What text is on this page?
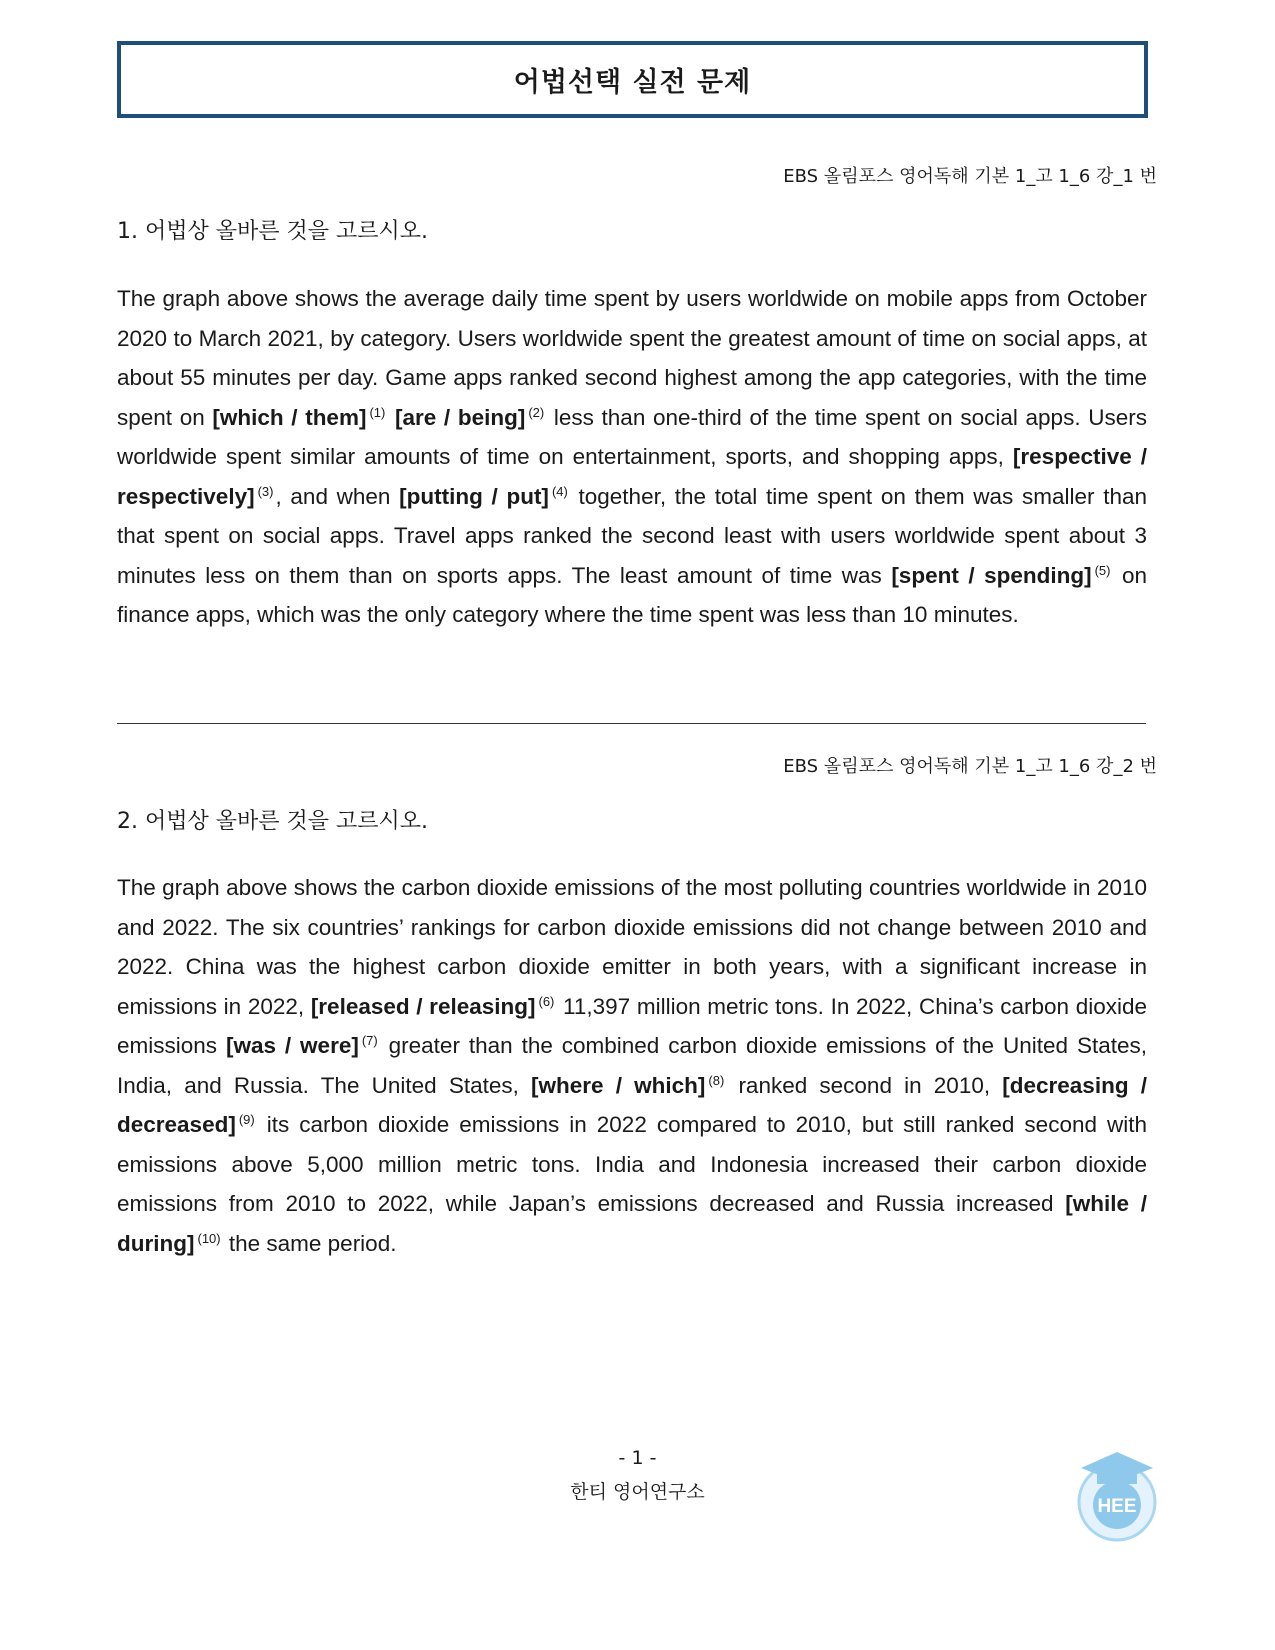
어법선택 실전 문제
EBS 올림포스 영어독해 기본 1_고 1_6 강_1 번
1. 어법상 올바른 것을 고르시오.

The graph above shows the average daily time spent by users worldwide on mobile apps from October 2020 to March 2021, by category. Users worldwide spent the greatest amount of time on social apps, at about 55 minutes per day. Game apps ranked second highest among the app categories, with the time spent on [which / them] $^{(1)}$ [are / being] $^{(2)}$ less than one-third of the time spent on social apps. Users worldwide spent similar amounts of time on entertainment, sports, and shopping apps, [respective / respectively] $^{(3)}$, and when [putting / put] $^{(4)}$ together, the total time spent on them was smaller than that spent on social apps. Travel apps ranked the second least with users worldwide spent about 3 minutes less on them than on sports apps. The least amount of time was [spent / spending] $^{(5)}$ on finance apps, which was the only category where the time spent was less than 10 minutes.

EBS 올림포스 영어독해 기본 1_고 1_6 강_2 번
2. 어법상 올바른 것을 고르시오.

The graph above shows the carbon dioxide emissions of the most polluting countries worldwide in 2010 and 2022. The six countries’ rankings for carbon dioxide emissions did not change between 2010 and 2022. China was the highest carbon dioxide emitter in both years, with a significant increase in emissions in 2022, [released / releasing] $^{(6)}$ 11,397 million metric tons. In 2022, China’s carbon dioxide emissions [was / were] $^{(7)}$ greater than the combined carbon dioxide emissions of the United States, India, and Russia. The United States, [where / which] $^{(8)}$ ranked second in 2010, [decreasing / decreased] $^{(9)}$ its carbon dioxide emissions in 2022 compared to 2010, but still ranked second with emissions above 5,000 million metric tons. India and Indonesia increased their carbon dioxide emissions from 2010 to 2022, while Japan’s emissions decreased and Russia increased [while / during] $^{(10)}$ the same period.

HEE
- 1 -
한티 영어연구소
